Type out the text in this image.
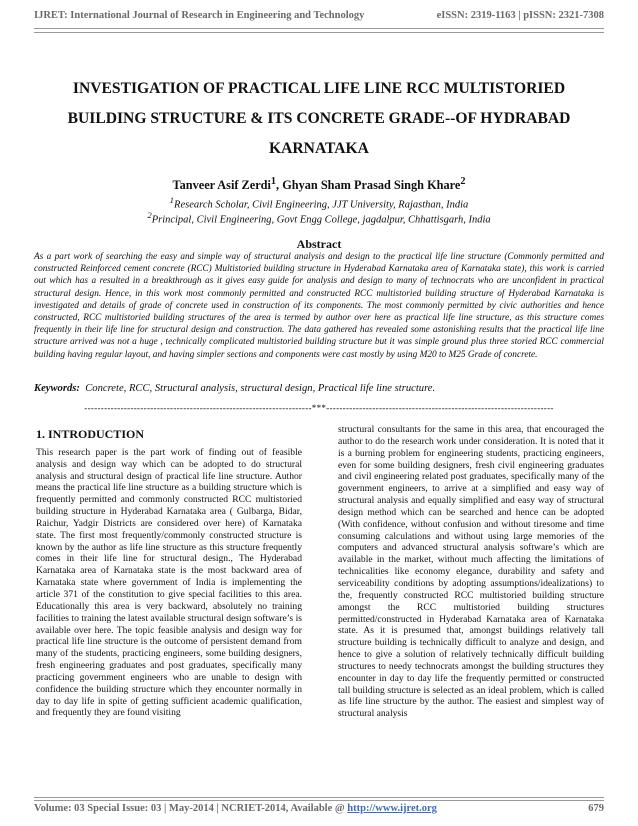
IJRET: International Journal of Research in Engineering and Technology	eISSN: 2319-1163 | pISSN: 2321-7308
INVESTIGATION OF PRACTICAL LIFE LINE RCC MULTISTORIED
BUILDING STRUCTURE & ITS CONCRETE GRADE--OF HYDRABAD
KARNATAKA
Tanveer Asif Zerdi$^1$, Ghyan Sham Prasad Singh Khare$^2$
$^1$Research Scholar, Civil Engineering, JJT University, Rajasthan, India
$^2$Principal, Civil Engineering, Govt Engg College, jagdalpur, Chhattisgarh, India
Abstract

As a part work of searching the easy and simple way of structural analysis and design to the practical life line structure (Commonly permitted and constructed Reinforced cement concrete (RCC) Multistoried building structure in Hyderabad Karnataka area of Karnataka state), this work is carried out which has a resulted in a breakthrough as it gives easy guide for analysis and design to many of technocrats who are unconfident in practical structural design. Hence, in this work most commonly permitted and constructed RCC multistoried building structure of Hyderabad Karnataka is investigated and details of grade of concrete used in construction of its components. The most commonly permitted by civic authorities and hence constructed, RCC multistoried building structures of the area is termed by author over here as practical life line structure, as this structure comes frequently in their life line for structural design and construction. The data gathered has revealed some astonishing results that the practical life line structure arrived was not a huge , technically complicated multistoried building structure but it was simple ground plus three storied RCC commercial building having regular layout, and having simpler sections and components were cast mostly by using M20 to M25 Grade of concrete.

Keywords: Concrete, RCC, Structural analysis, structural design, Practical life line structure.
---------------------------------------------------------------------***---------------------------------------------------------------------
1. INTRODUCTION

This research paper is the part work of finding out of feasible analysis and design way which can be adopted to do structural analysis and structural design of practical life line structure. Author means the practical life line structure as a building structure which is frequently permitted and commonly constructed RCC multistoried building structure in Hyderabad Karnataka area ( Gulbarga, Bidar, Raichur, Yadgir Districts are considered over here) of Karnataka state. The first most frequently/commonly constructed structure is known by the author as life line structure as this structure frequently comes in their life line for structural design., The Hyderabad Karnataka area of Karnataka state is the most backward area of Karnataka state where government of India is implementing the article 371 of the constitution to give special facilities to this area. Educationally this area is very backward, absolutely no training facilities to training the latest available structural design software’s is available over here. The topic feasible analysis and design way for practical life line structure is the outcome of persistent demand from many of the students, practicing engineers, some building designers, fresh engineering graduates and post graduates, specifically many practicing government engineers who are unable to design with confidence the building structure which they encounter normally in day to day life in spite of getting sufficient academic qualification, and frequently they are found visiting

structural consultants for the same in this area, that encouraged the author to do the research work under consideration. It is noted that it is a burning problem for engineering students, practicing engineers, even for some building designers, fresh civil engineering graduates and civil engineering related post graduates, specifically many of the government engineers, to arrive at a simplified and easy way of structural analysis and equally simplified and easy way of structural design method which can be searched and hence can be adopted (With confidence, without confusion and without tiresome and time consuming calculations and without using large memories of the computers and advanced structural analysis software’s which are available in the market, without much affecting the limitations of technicalities like economy elegance, durability and safety and serviceability conditions by adopting assumptions/idealizations) to the, frequently constructed RCC multistoried building structure amongst the RCC multistoried building structures permitted/constructed in Hyderabad Karnataka area of Karnataka state. As it is presumed that, amongst buildings relatively tall structure building is technically difficult to analyze and design, and hence to give a solution of relatively technically difficult building structures to needy technocrats amongst the building structures they encounter in day to day life the frequently permitted or constructed tall building structure is selected as an ideal problem, which is called as life line structure by the author. The easiest and simplest way of structural analysis

Volume: 03 Special Issue: 03 | May-2014 | NCRIET-2014, Available @ http://www.ijret.org	679
